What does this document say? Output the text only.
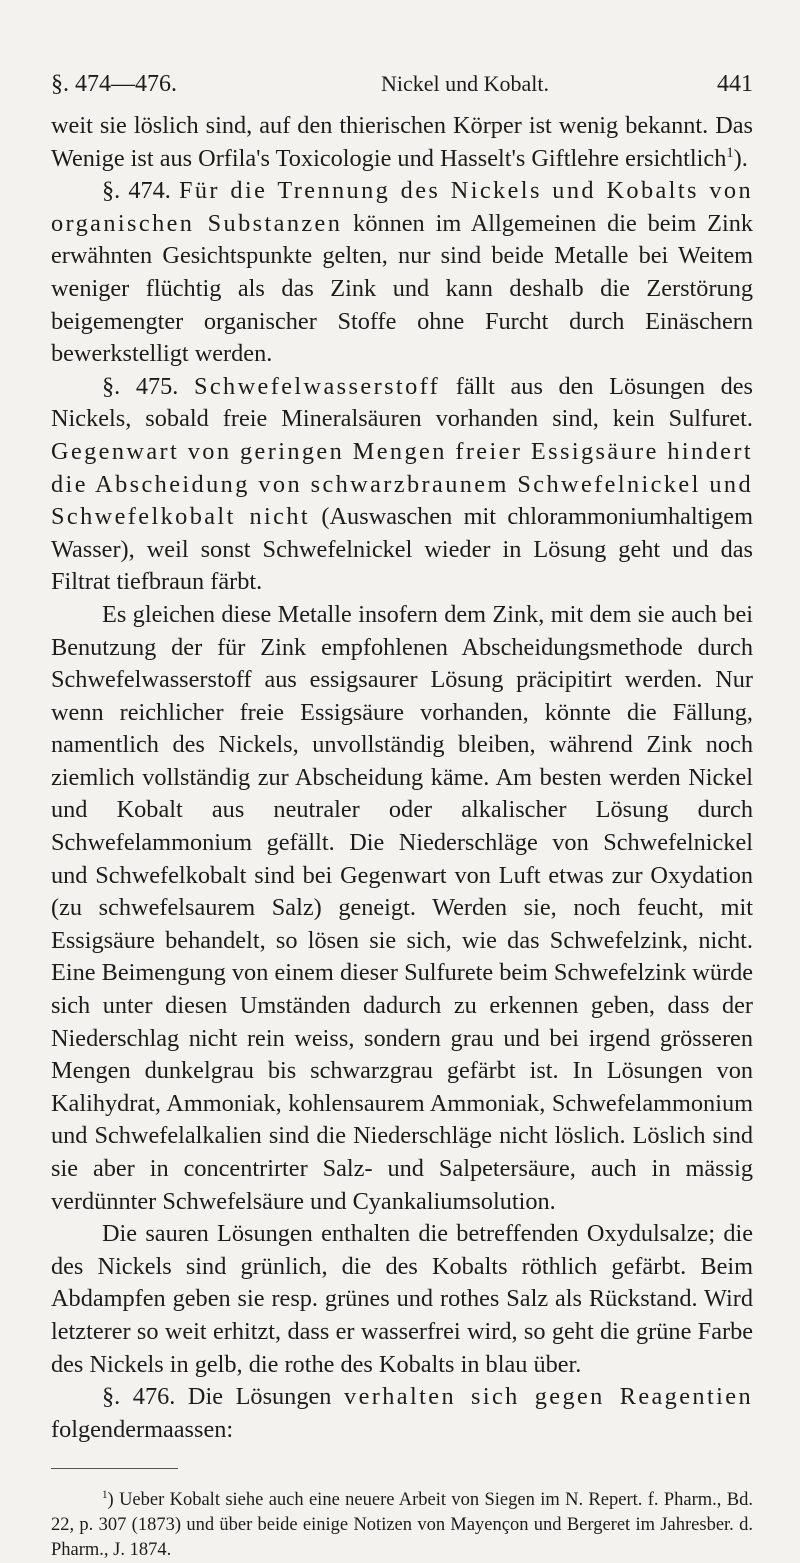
§. 474—476.	Nickel und Kobalt.	441

weit sie löslich sind, auf den thierischen Körper ist wenig bekannt. Das Wenige ist aus Orfila's Toxicologie und Hasselt's Giftlehre ersichtlich$^1$).

§. 474. Für die Trennung des Nickels und Kobalts von organischen Substanzen können im Allgemeinen die beim Zink erwähnten Gesichtspunkte gelten, nur sind beide Metalle bei Weitem weniger flüchtig als das Zink und kann deshalb die Zerstörung beigemengter organischer Stoffe ohne Furcht durch Einäschern bewerkstelligt werden.

§. 475. Schwefelwasserstoff fällt aus den Lösungen des Nickels, sobald freie Mineralsäuren vorhanden sind, kein Sulfuret. Gegenwart von geringen Mengen freier Essigsäure hindert die Abscheidung von schwarzbraunem Schwefelnickel und Schwefelkobalt nicht (Auswaschen mit chlorammoniumhaltigem Wasser), weil sonst Schwefelnickel wieder in Lösung geht und das Filtrat tiefbraun färbt.

Es gleichen diese Metalle insofern dem Zink, mit dem sie auch bei Benutzung der für Zink empfohlenen Abscheidungsmethode durch Schwefelwasserstoff aus essigsaurer Lösung präcipitirt werden. Nur wenn reichlicher freie Essigsäure vorhanden, könnte die Fällung, namentlich des Nickels, unvollständig bleiben, während Zink noch ziemlich vollständig zur Abscheidung käme. Am besten werden Nickel und Kobalt aus neutraler oder alkalischer Lösung durch Schwefelammonium gefällt. Die Niederschläge von Schwefelnickel und Schwefelkobalt sind bei Gegenwart von Luft etwas zur Oxydation (zu schwefelsaurem Salz) geneigt. Werden sie, noch feucht, mit Essigsäure behandelt, so lösen sie sich, wie das Schwefelzink, nicht. Eine Beimengung von einem dieser Sulfurete beim Schwefelzink würde sich unter diesen Umständen dadurch zu erkennen geben, dass der Niederschlag nicht rein weiss, sondern grau und bei irgend grösseren Mengen dunkelgrau bis schwarzgrau gefärbt ist. In Lösungen von Kalihydrat, Ammoniak, kohlensaurem Ammoniak, Schwefelammonium und Schwefelalkalien sind die Niederschläge nicht löslich. Löslich sind sie aber in concentrirter Salz- und Salpetersäure, auch in mässig verdünnter Schwefelsäure und Cyankaliumsolution.

Die sauren Lösungen enthalten die betreffenden Oxydulsalze; die des Nickels sind grünlich, die des Kobalts röthlich gefärbt. Beim Abdampfen geben sie resp. grünes und rothes Salz als Rückstand. Wird letzterer so weit erhitzt, dass er wasserfrei wird, so geht die grüne Farbe des Nickels in gelb, die rothe des Kobalts in blau über.

§. 476. Die Lösungen verhalten sich gegen Reagentien folgendermaassen:

$^1$) Ueber Kobalt siehe auch eine neuere Arbeit von Siegen im N. Repert. f. Pharm., Bd. 22, p. 307 (1873) und über beide einige Notizen von Mayençon und Bergeret im Jahresber. d. Pharm., J. 1874.
